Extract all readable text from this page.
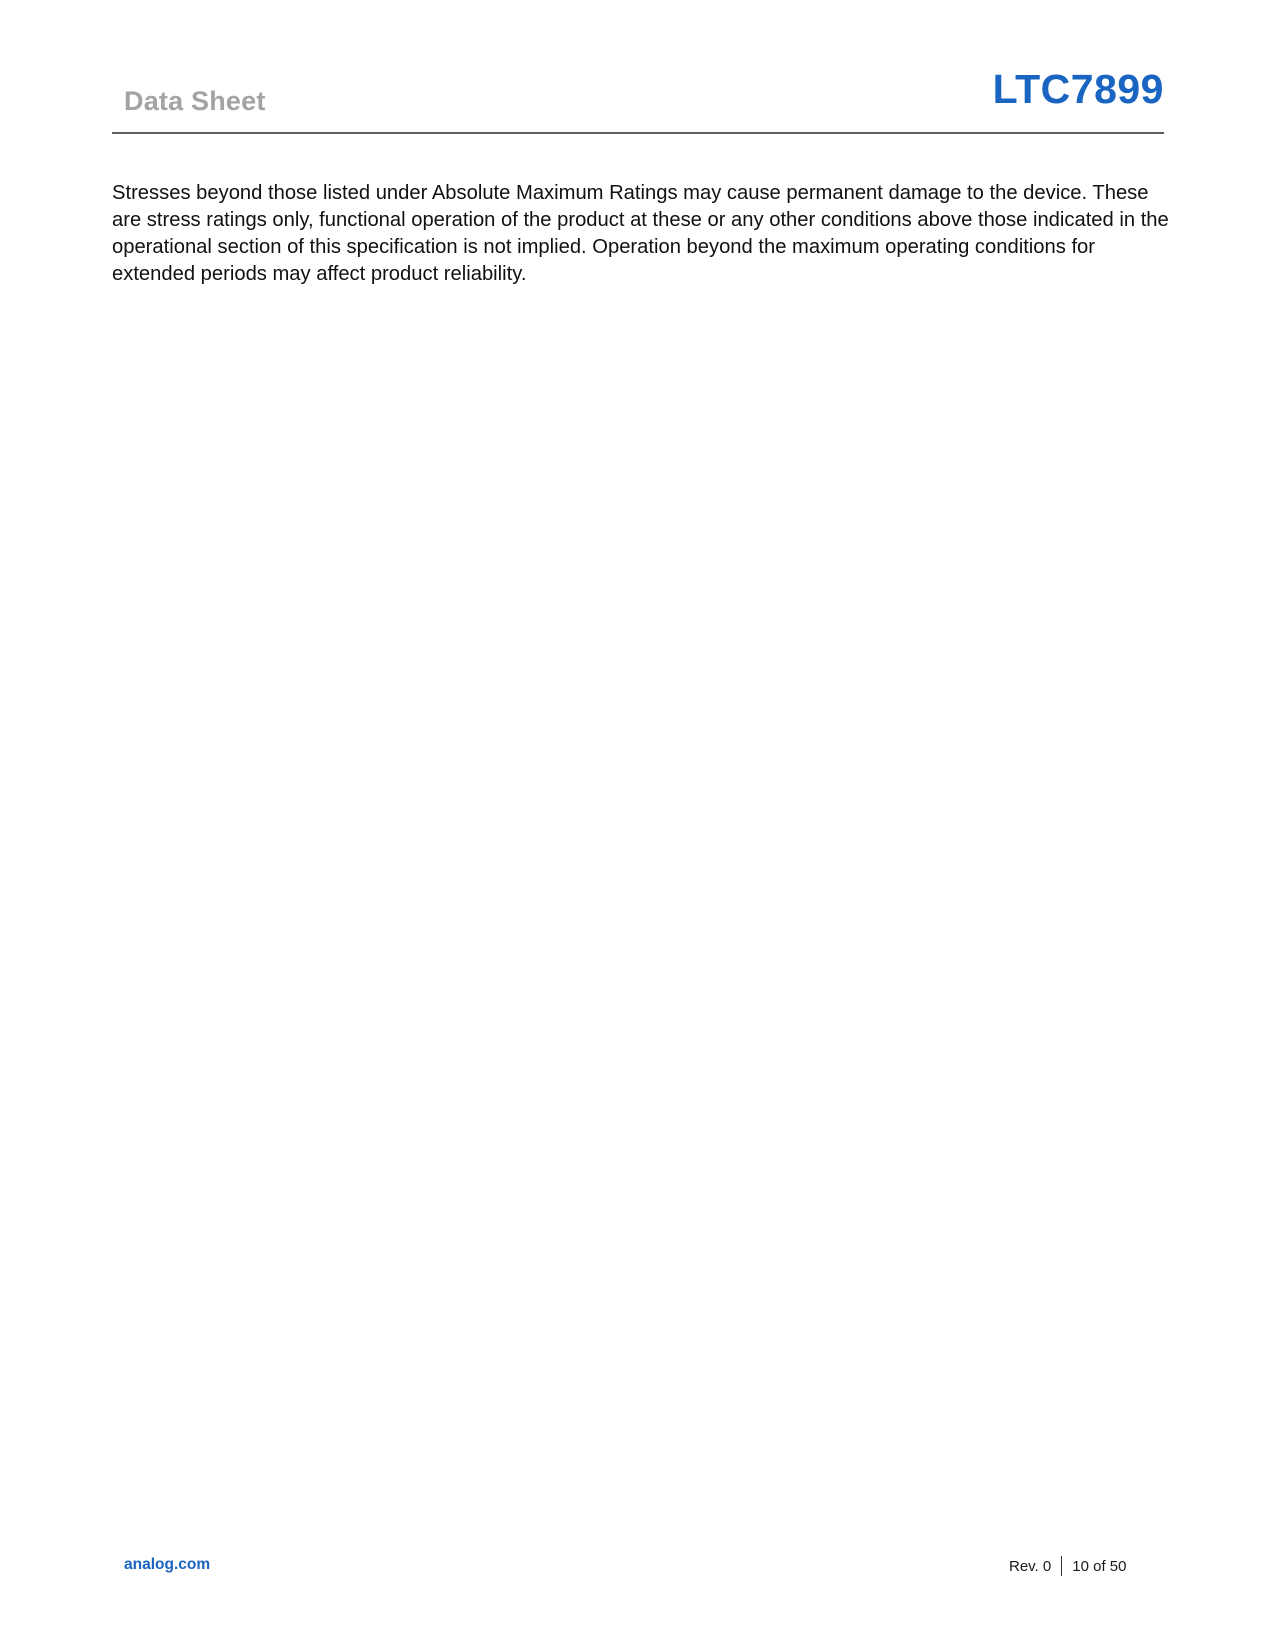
Data Sheet	LTC7899

Stresses beyond those listed under Absolute Maximum Ratings may cause permanent damage to the device. These are stress ratings only, functional operation of the product at these or any other conditions above those indicated in the operational section of this specification is not implied. Operation beyond the maximum operating conditions for extended periods may affect product reliability.

analog.com	Rev. 0 10 of 50
